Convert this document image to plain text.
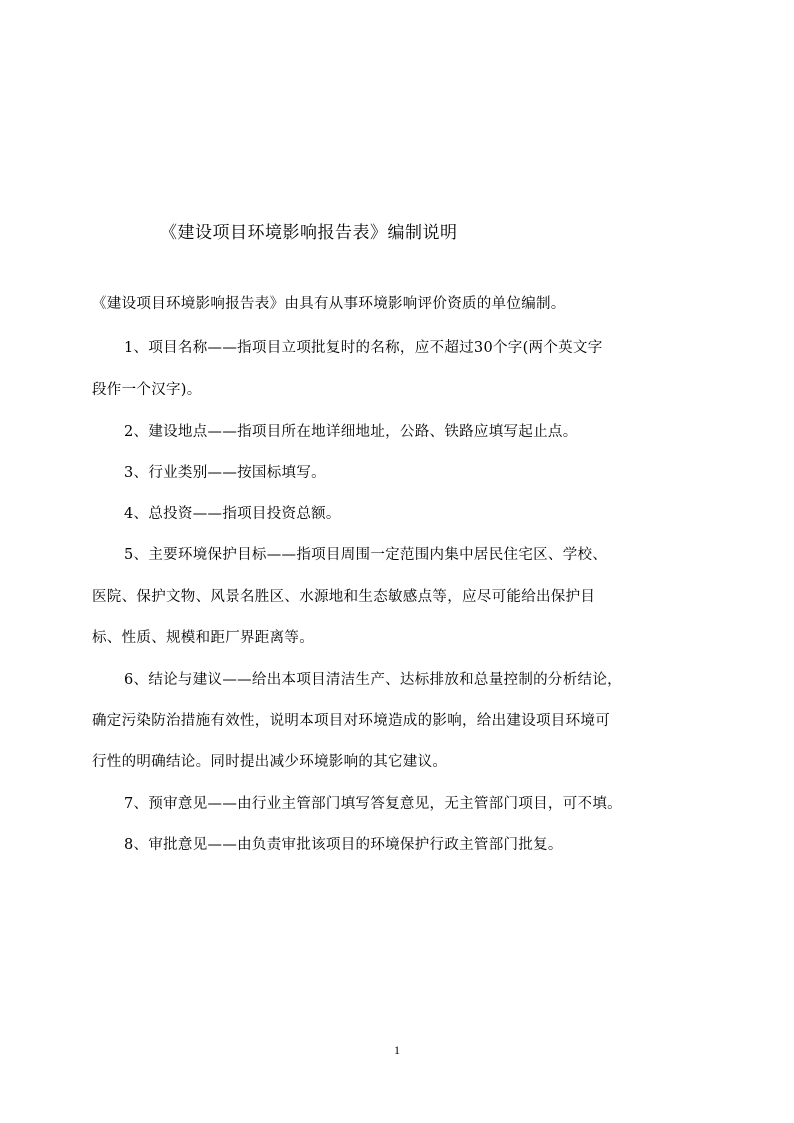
《建设项目环境影响报告表》编制说明

《建设项目环境影响报告表》由具有从事环境影响评价资质的单位编制。

1、项目名称——指项目立项批复时的名称，应不超过30个字(两个英文字

段作一个汉字)。

2、建设地点——指项目所在地详细地址，公路、铁路应填写起止点。

3、行业类别——按国标填写。

4、总投资——指项目投资总额。

5、主要环境保护目标——指项目周围一定范围内集中居民住宅区、学校、

医院、保护文物、风景名胜区、水源地和生态敏感点等，应尽可能给出保护目

标、性质、规模和距厂界距离等。

6、结论与建议——给出本项目清洁生产、达标排放和总量控制的分析结论，

确定污染防治措施有效性，说明本项目对环境造成的影响，给出建设项目环境可

行性的明确结论。同时提出减少环境影响的其它建议。

7、预审意见——由行业主管部门填写答复意见，无主管部门项目，可不填。

8、审批意见——由负责审批该项目的环境保护行政主管部门批复。

1
